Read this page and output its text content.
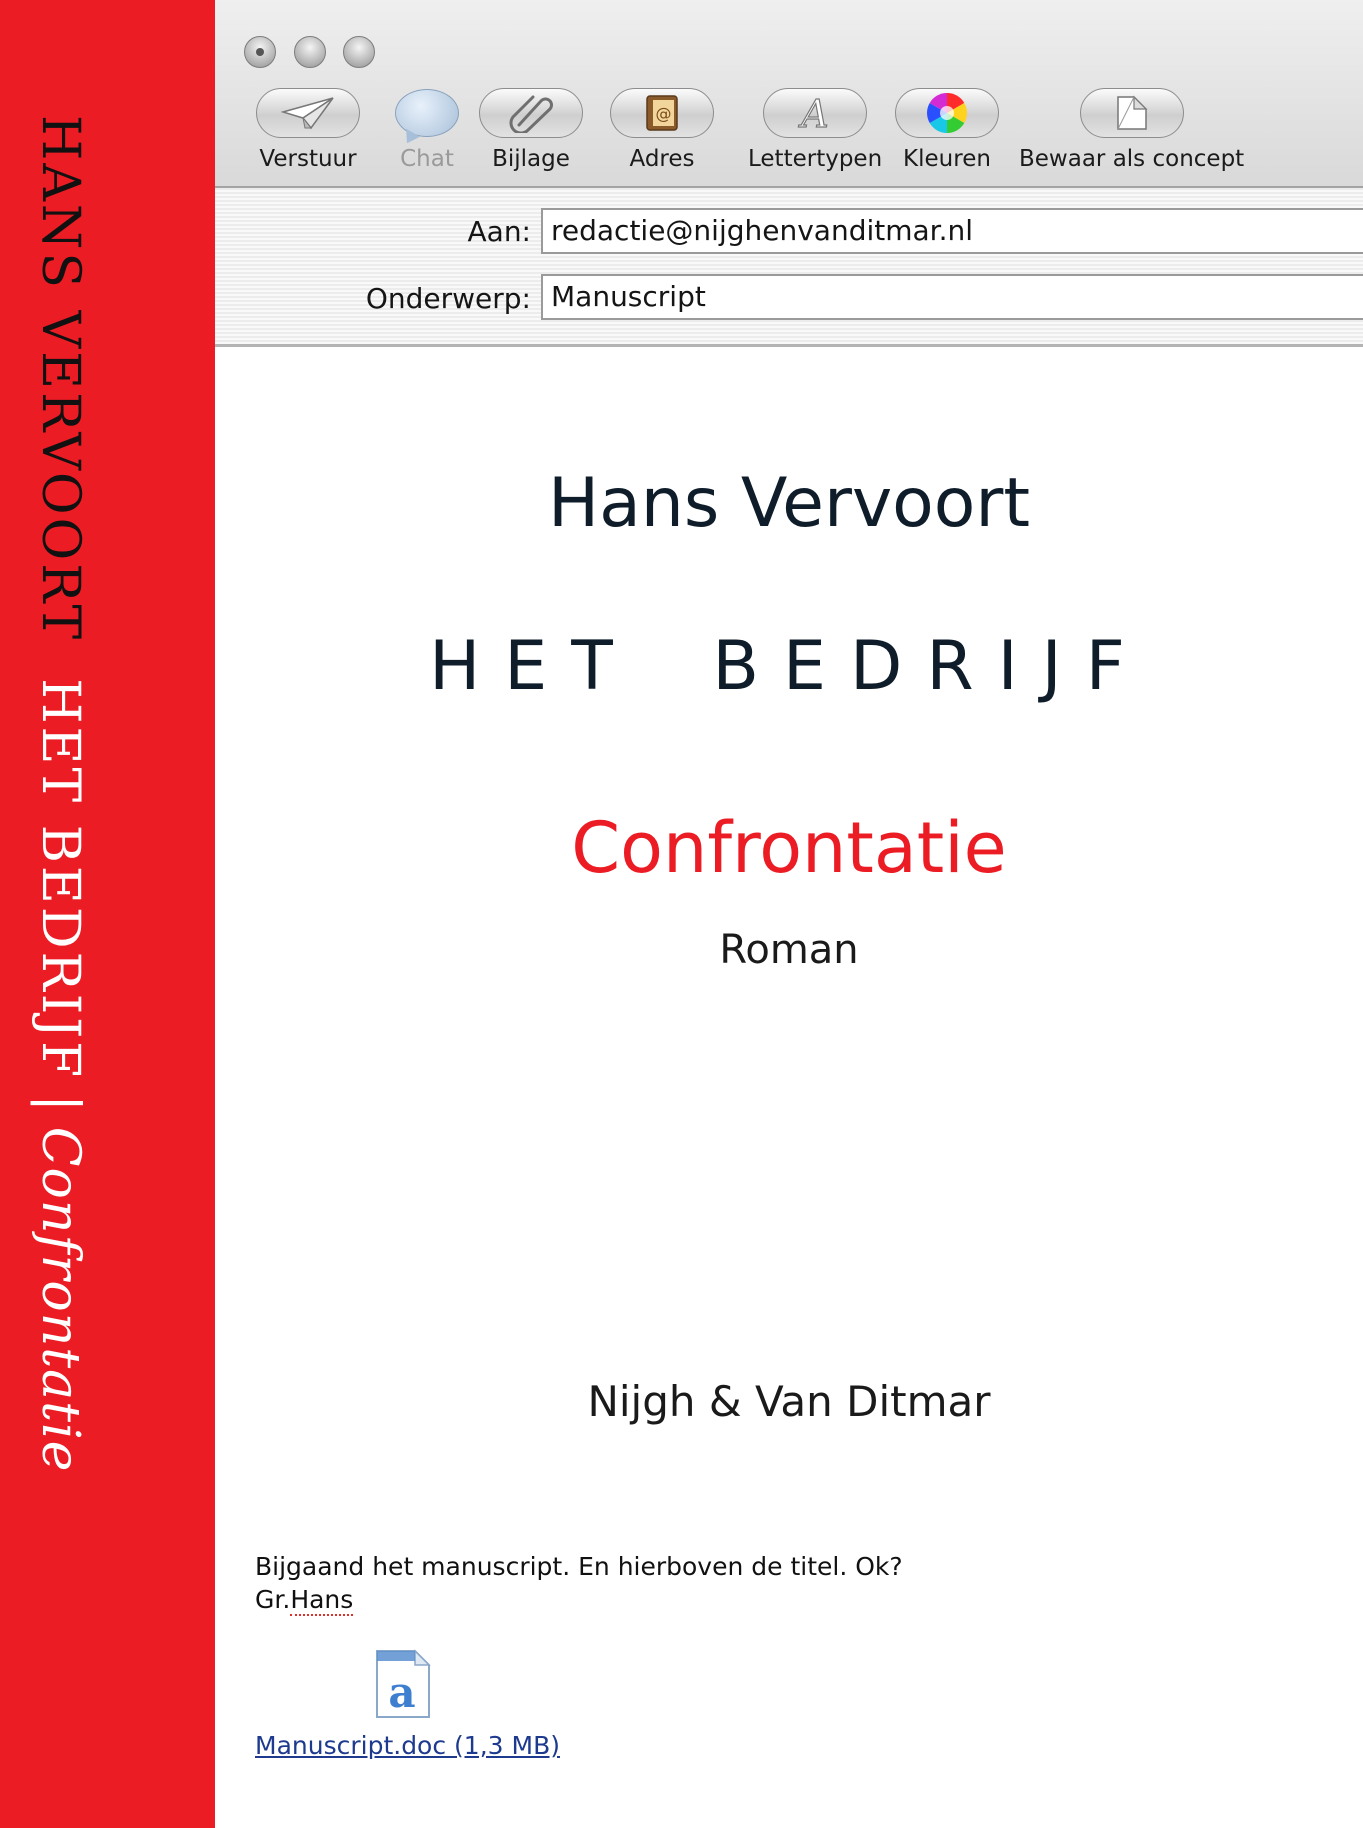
HANS VERVOORTHET BEDRIJF|Confrontatie
Verstuur Chat Bijlage
@
Adres
A
Lettertypen Kleuren Bewaar als concept
Aan: redactie@nijghenvanditmar.nl
Onderwerp: Manuscript
Hans Vervoort
HET BEDRIJF
Confrontatie
Roman
Nijgh & Van Ditmar
Bijgaand het manuscript. En hierboven de titel. Ok?
Gr.Hans
a
Manuscript.doc (1,3 MB)
